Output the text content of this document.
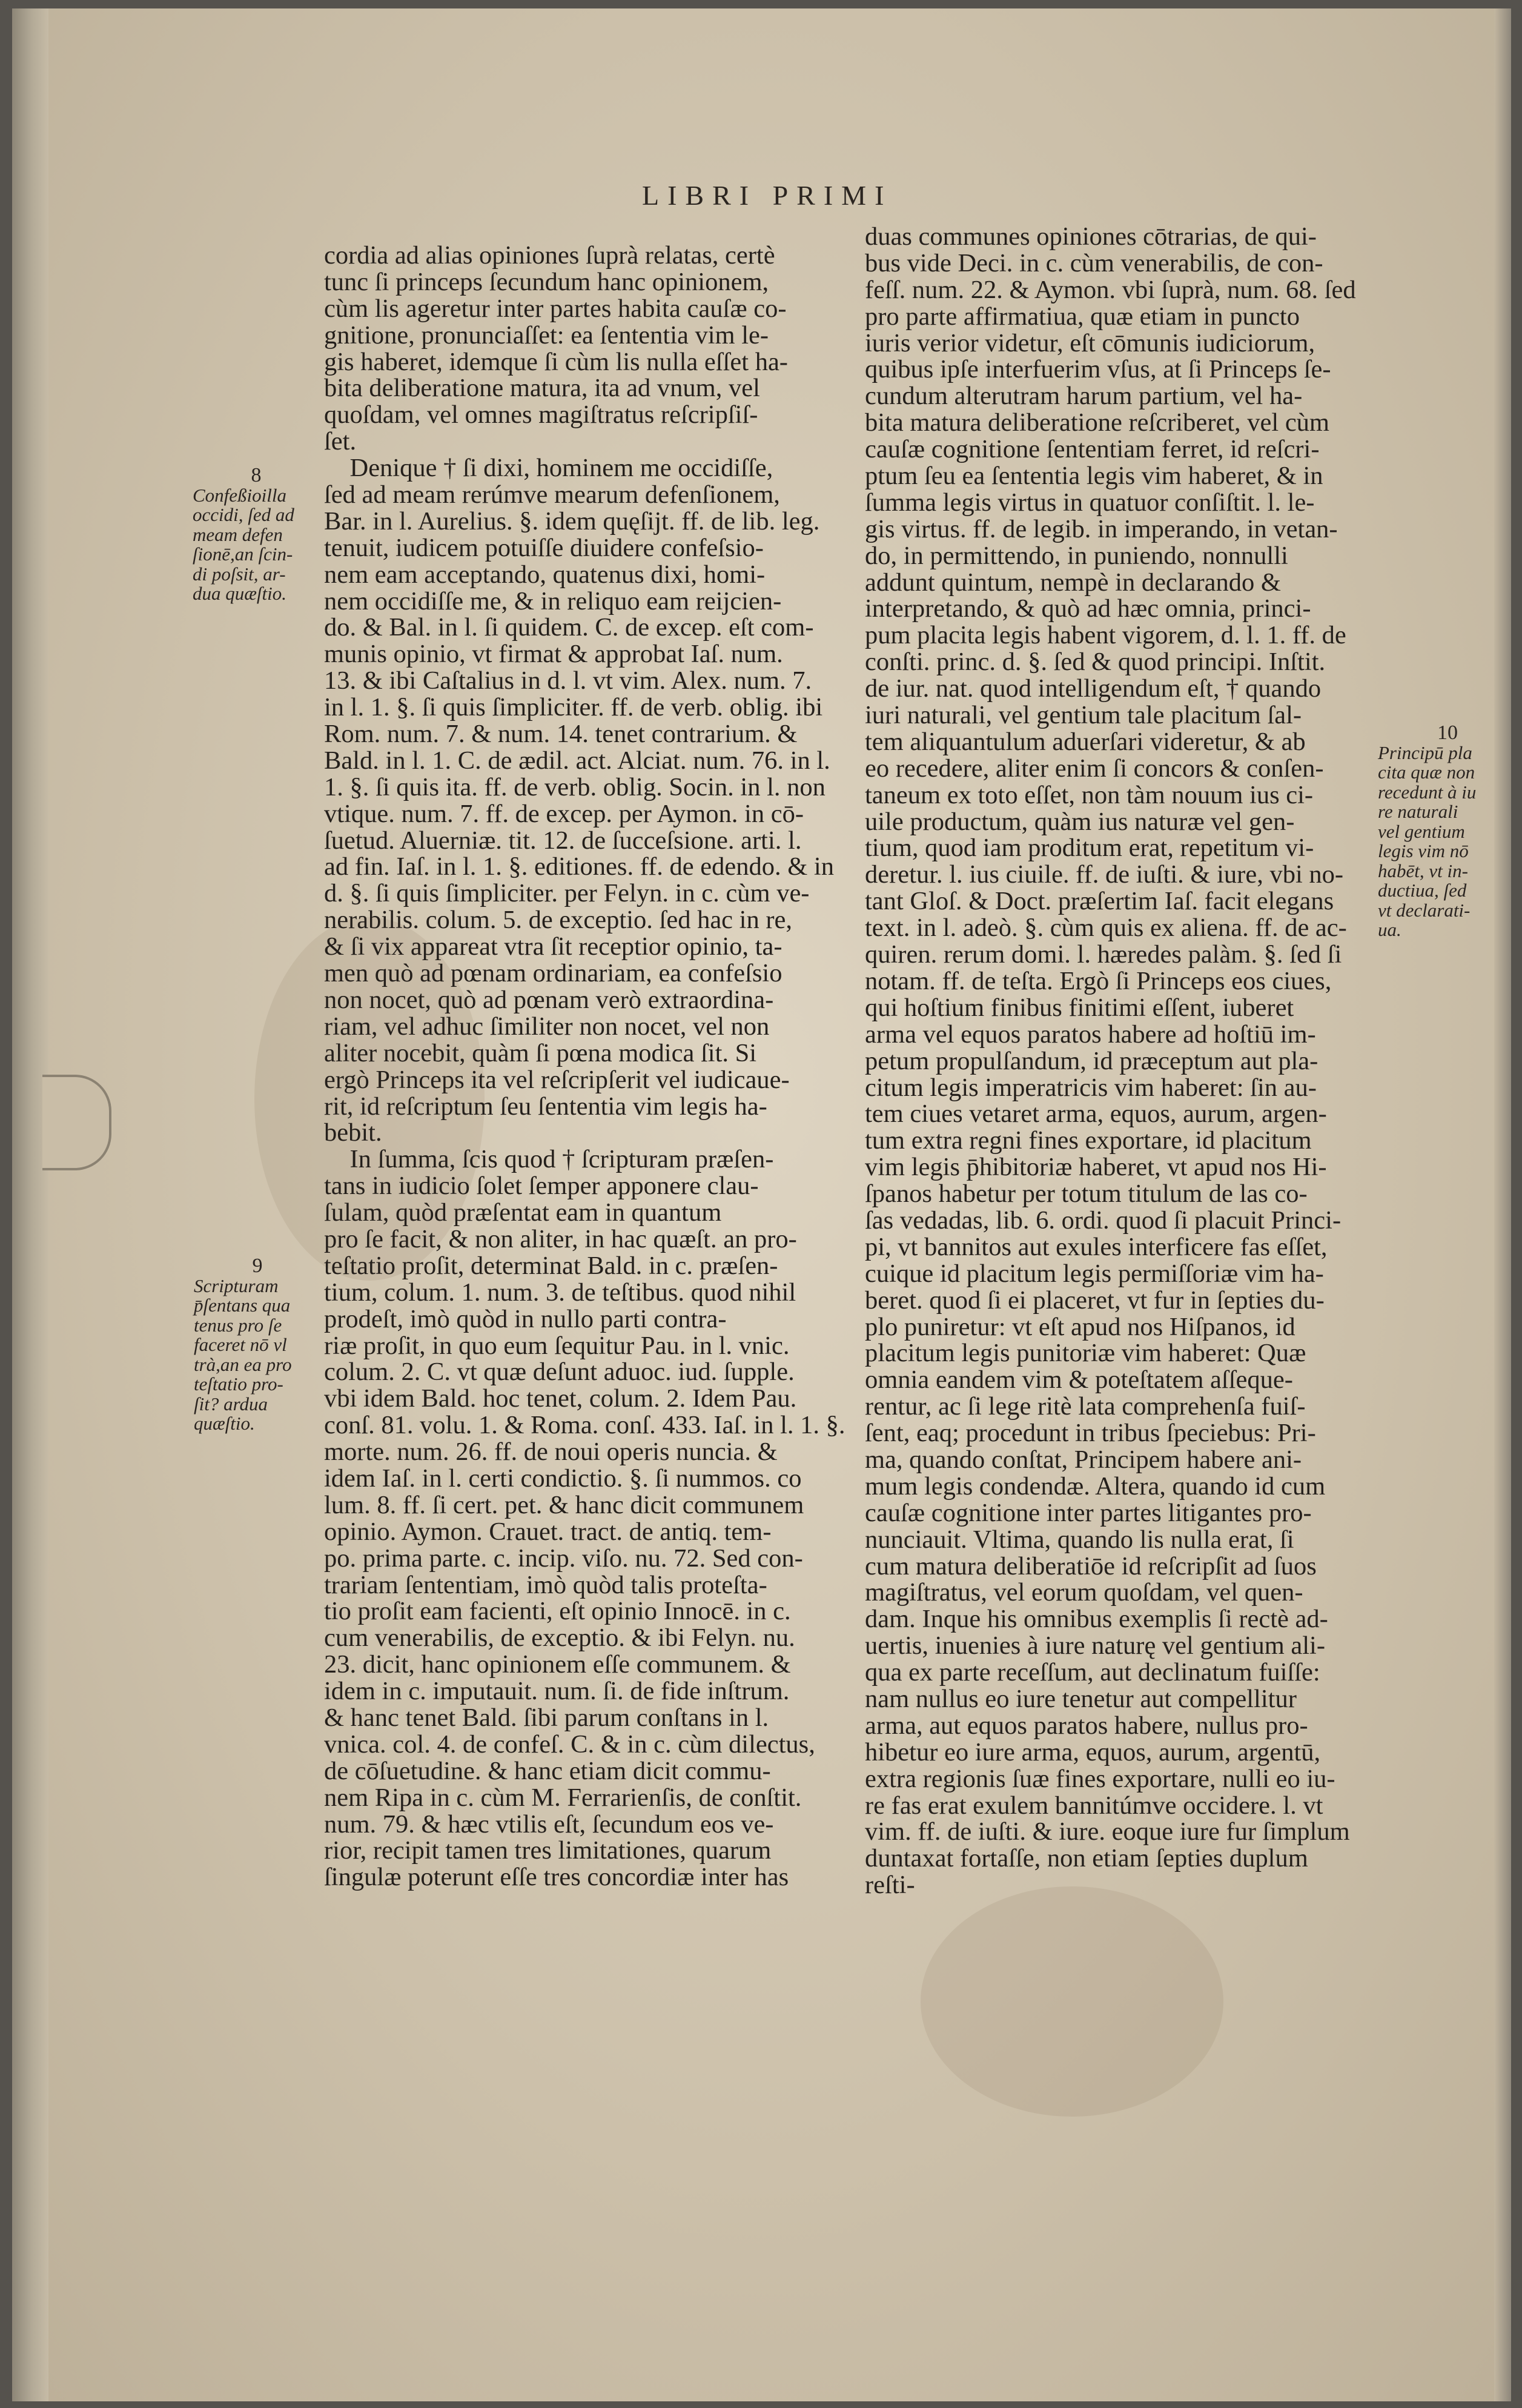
LIBRI PRIMI
8
Confeßioilla
occidi, ſed ad
meam defen
ſionē,an ſcin-
di poſsit, ar-
dua quæſtio.
9
Scripturam
p̄ſentans qua
tenus pro ſe
faceret nō vl
trà,an ea pro
teſtatio pro-
ſit? ardua
quæſtio.
10
Principū pla
cita quæ non
recedunt à iu
re naturali
vel gentium
legis vim nō
habēt, vt in-
ductiua, ſed
vt declarati-
ua.
cordia ad alias opiniones ſuprà relatas, certè
tunc ſi princeps ſecundum hanc opinionem,
cùm lis ageretur inter partes habita cauſæ co-
gnitione, pronunciaſſet: ea ſententia vim le-
gis haberet, idemque ſi cùm lis nulla eſſet ha-
bita deliberatione matura, ita ad vnum, vel
quoſdam, vel omnes magiſtratus reſcripſiſ-
ſet.
Denique † ſi dixi, hominem me occidiſſe,
ſed ad meam rerúmve mearum defenſionem,
Bar. in l. Aurelius. §. idem quęſijt. ff. de lib. leg.
tenuit, iudicem potuiſſe diuidere confeſsio-
nem eam acceptando, quatenus dixi, homi-
nem occidiſſe me, & in reliquo eam reijcien-
do. & Bal. in l. ſi quidem. C. de excep. eſt com-
munis opinio, vt firmat & approbat Iaſ. num.
13. & ibi Caſtalius in d. l. vt vim. Alex. num. 7.
in l. 1. §. ſi quis ſimpliciter. ff. de verb. oblig. ibi
Rom. num. 7. & num. 14. tenet contrarium. &
Bald. in l. 1. C. de ædil. act. Alciat. num. 76. in l.
1. §. ſi quis ita. ff. de verb. oblig. Socin. in l. non
vtique. num. 7. ff. de excep. per Aymon. in cō-
ſuetud. Aluerniæ. tit. 12. de ſucceſsione. arti. l.
ad fin. Iaſ. in l. 1. §. editiones. ff. de edendo. & in
d. §. ſi quis ſimpliciter. per Felyn. in c. cùm ve-
nerabilis. colum. 5. de exceptio. ſed hac in re,
& ſi vix appareat vtra ſit receptior opinio, ta-
men quò ad pœnam ordinariam, ea confeſsio
non nocet, quò ad pœnam verò extraordina-
riam, vel adhuc ſimiliter non nocet, vel non
aliter nocebit, quàm ſi pœna modica ſit. Si
ergò Princeps ita vel reſcripſerit vel iudicaue-
rit, id reſcriptum ſeu ſententia vim legis ha-
bebit.
In ſumma, ſcis quod † ſcripturam præſen-
tans in iudicio ſolet ſemper apponere clau-
ſulam, quòd præſentat eam in quantum
pro ſe facit, & non aliter, in hac quæſt. an pro-
teſtatio proſit, determinat Bald. in c. præſen-
tium, colum. 1. num. 3. de teſtibus. quod nihil
prodeſt, imò quòd in nullo parti contra-
riæ proſit, in quo eum ſequitur Pau. in l. vnic.
colum. 2. C. vt quæ deſunt aduoc. iud. ſupple.
vbi idem Bald. hoc tenet, colum. 2. Idem Pau.
conſ. 81. volu. 1. & Roma. conſ. 433. Iaſ. in l. 1. §.
morte. num. 26. ff. de noui operis nuncia. &
idem Iaſ. in l. certi condictio. §. ſi nummos. co
lum. 8. ff. ſi cert. pet. & hanc dicit communem
opinio. Aymon. Crauet. tract. de antiq. tem-
po. prima parte. c. incip. viſo. nu. 72. Sed con-
trariam ſententiam, imò quòd talis proteſta-
tio proſit eam facienti, eſt opinio Innocē. in c.
cum venerabilis, de exceptio. & ibi Felyn. nu.
23. dicit, hanc opinionem eſſe communem. &
idem in c. imputauit. num. ſi. de fide inſtrum.
& hanc tenet Bald. ſibi parum conſtans in l.
vnica. col. 4. de confeſ. C. & in c. cùm dilectus,
de cōſuetudine. & hanc etiam dicit commu-
nem Ripa in c. cùm M. Ferrarienſis, de conſtit.
num. 79. & hæc vtilis eſt, ſecundum eos ve-
rior, recipit tamen tres limitationes, quarum
ſingulæ poterunt eſſe tres concordiæ inter has
duas communes opiniones cōtrarias, de qui-
bus vide Deci. in c. cùm venerabilis, de con-
feſſ. num. 22. & Aymon. vbi ſuprà, num. 68. ſed
pro parte affirmatiua, quæ etiam in puncto
iuris verior videtur, eſt cōmunis iudiciorum,
quibus ipſe interfuerim vſus, at ſi Princeps ſe-
cundum alterutram harum partium, vel ha-
bita matura deliberatione reſcriberet, vel cùm
cauſæ cognitione ſententiam ferret, id reſcri-
ptum ſeu ea ſententia legis vim haberet, & in
ſumma legis virtus in quatuor conſiſtit. l. le-
gis virtus. ff. de legib. in imperando, in vetan-
do, in permittendo, in puniendo, nonnulli
addunt quintum, nempè in declarando &
interpretando, & quò ad hæc omnia, princi-
pum placita legis habent vigorem, d. l. 1. ff. de
conſti. princ. d. §. ſed & quod principi. Inſtit.
de iur. nat. quod intelligendum eſt, † quando
iuri naturali, vel gentium tale placitum ſal-
tem aliquantulum aduerſari videretur, & ab
eo recedere, aliter enim ſi concors & conſen-
taneum ex toto eſſet, non tàm nouum ius ci-
uile productum, quàm ius naturæ vel gen-
tium, quod iam proditum erat, repetitum vi-
deretur. l. ius ciuile. ff. de iuſti. & iure, vbi no-
tant Gloſ. & Doct. præſertim Iaſ. facit elegans
text. in l. adeò. §. cùm quis ex aliena. ff. de ac-
quiren. rerum domi. l. hæredes palàm. §. ſed ſi
notam. ff. de teſta. Ergò ſi Princeps eos ciues,
qui hoſtium finibus finitimi eſſent, iuberet
arma vel equos paratos habere ad hoſtiū im-
petum propulſandum, id præceptum aut pla-
citum legis imperatricis vim haberet: ſin au-
tem ciues vetaret arma, equos, aurum, argen-
tum extra regni fines exportare, id placitum
vim legis p̄hibitoriæ haberet, vt apud nos Hi-
ſpanos habetur per totum titulum de las co-
ſas vedadas, lib. 6. ordi. quod ſi placuit Princi-
pi, vt bannitos aut exules interficere fas eſſet,
cuique id placitum legis permiſſoriæ vim ha-
beret. quod ſi ei placeret, vt fur in ſepties du-
plo puniretur: vt eſt apud nos Hiſpanos, id
placitum legis punitoriæ vim haberet: Quæ
omnia eandem vim & poteſtatem aſſeque-
rentur, ac ſi lege ritè lata comprehenſa fuiſ-
ſent, eaq; procedunt in tribus ſpeciebus: Pri-
ma, quando conſtat, Principem habere ani-
mum legis condendæ. Altera, quando id cum
cauſæ cognitione inter partes litigantes pro-
nunciauit. Vltima, quando lis nulla erat, ſi
cum matura deliberatiōe id reſcripſit ad ſuos
magiſtratus, vel eorum quoſdam, vel quen-
dam. Inque his omnibus exemplis ſi rectè ad-
uertis, inuenies à iure naturę vel gentium ali-
qua ex parte receſſum, aut declinatum fuiſſe:
nam nullus eo iure tenetur aut compellitur
arma, aut equos paratos habere, nullus pro-
hibetur eo iure arma, equos, aurum, argentū,
extra regionis ſuæ fines exportare, nulli eo iu-
re fas erat exulem bannitúmve occidere. l. vt
vim. ff. de iuſti. & iure. eoque iure fur ſimplum
duntaxat fortaſſe, non etiam ſepties duplum
reſti-
